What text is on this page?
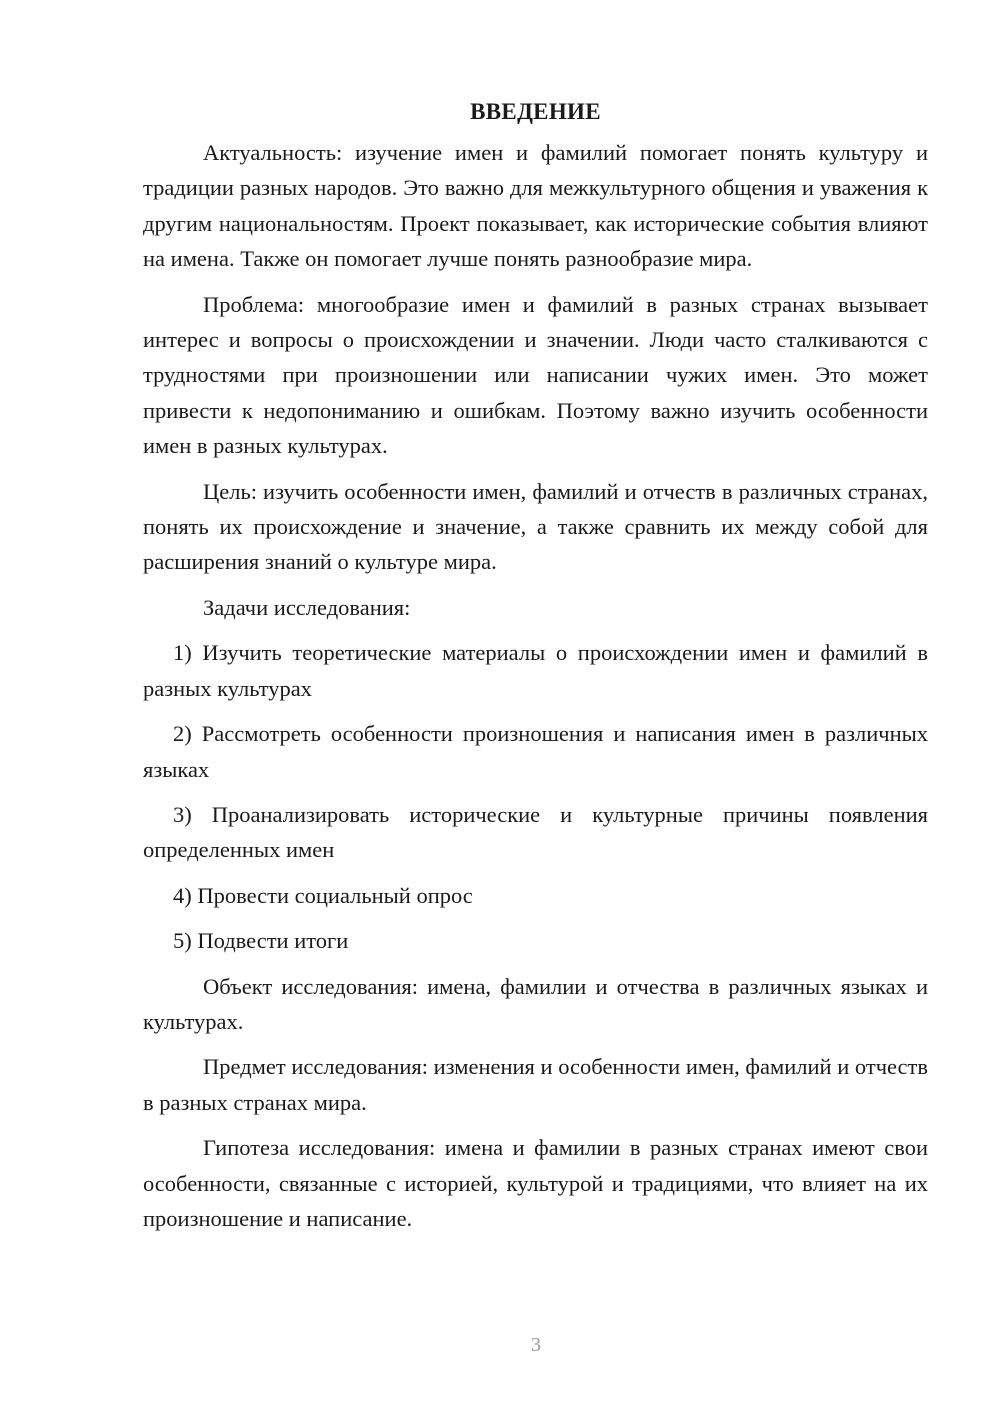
ВВЕДЕНИЕ

Актуальность: изучение имен и фамилий помогает понять культуру и традиции разных народов. Это важно для межкультурного общения и уважения к другим национальностям. Проект показывает, как исторические события влияют на имена. Также он помогает лучше понять разнообразие мира.

Проблема: многообразие имен и фамилий в разных странах вызывает интерес и вопросы о происхождении и значении. Люди часто сталкиваются с трудностями при произношении или написании чужих имен. Это может привести к недопониманию и ошибкам. Поэтому важно изучить особенности имен в разных культурах.

Цель: изучить особенности имен, фамилий и отчеств в различных странах, понять их происхождение и значение, а также сравнить их между собой для расширения знаний о культуре мира.

Задачи исследования:

1) Изучить теоретические материалы о происхождении имен и фамилий в разных культурах

2) Рассмотреть особенности произношения и написания имен в различных языках

3) Проанализировать исторические и культурные причины появления определенных имен

4) Провести социальный опрос

5) Подвести итоги

Объект исследования: имена, фамилии и отчества в различных языках и культурах.

Предмет исследования: изменения и особенности имен, фамилий и отчеств в разных странах мира.

Гипотеза исследования: имена и фамилии в разных странах имеют свои особенности, связанные с историей, культурой и традициями, что влияет на их произношение и написание.

3
